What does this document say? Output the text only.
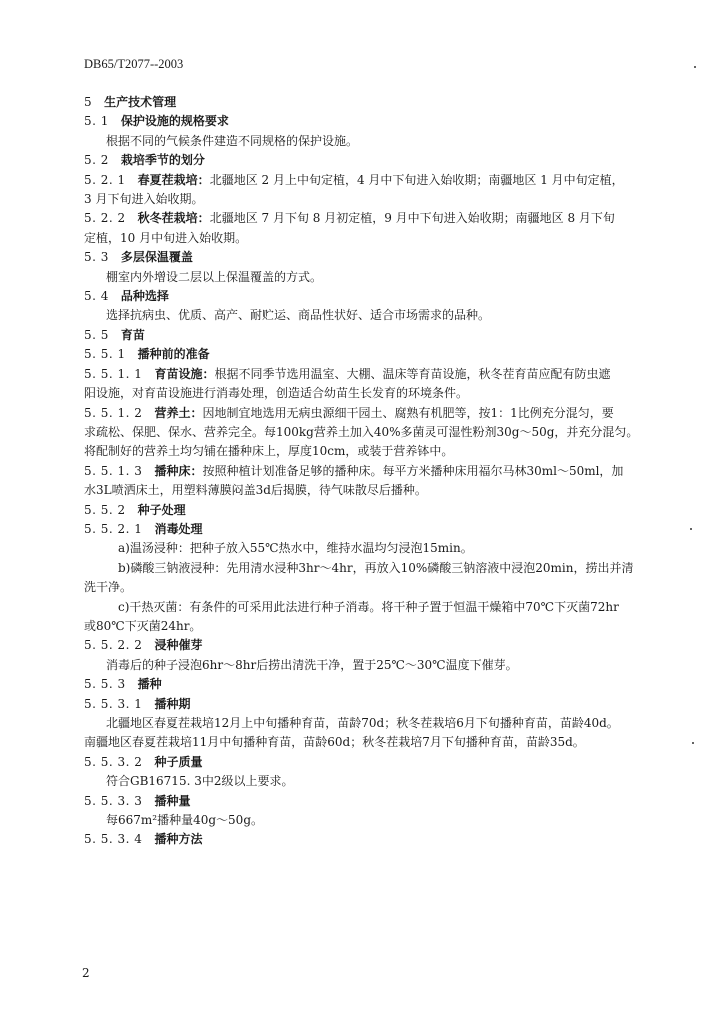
DB65/T2077--2003
5 生产技术管理
5. 1 保护设施的规格要求
根据不同的气候条件建造不同规格的保护设施。
5. 2 栽培季节的划分
5. 2. 1 春夏茬栽培：北疆地区 2 月上中旬定植，4 月中下旬进入始收期；南疆地区 1 月中旬定植，
3 月下旬进入始收期。
5. 2. 2 秋冬茬栽培：北疆地区 7 月下旬 8 月初定植，9 月中下旬进入始收期；南疆地区 8 月下旬
定植，10 月中旬进入始收期。
5. 3 多层保温覆盖
棚室内外增设二层以上保温覆盖的方式。
5. 4 品种选择
选择抗病虫、优质、高产、耐贮运、商品性状好、适合市场需求的品种。
5. 5 育苗
5. 5. 1 播种前的准备
5. 5. 1. 1 育苗设施：根据不同季节选用温室、大棚、温床等育苗设施，秋冬茬育苗应配有防虫遮
阳设施，对育苗设施进行消毒处理，创造适合幼苗生长发育的环境条件。
5. 5. 1. 2 营养土：因地制宜地选用无病虫源细干园土、腐熟有机肥等，按1：1比例充分混匀，要
求疏松、保肥、保水、营养完全。每100kg营养土加入40%多菌灵可湿性粉剂30g～50g，并充分混匀。
将配制好的营养土均匀铺在播种床上，厚度10cm，或装于营养钵中。
5. 5. 1. 3 播种床：按照种植计划准备足够的播种床。每平方米播种床用福尔马林30ml～50ml，加
水3L喷洒床土，用塑料薄膜闷盖3d后揭膜，待气味散尽后播种。
5. 5. 2 种子处理
5. 5. 2. 1 消毒处理
a)温汤浸种：把种子放入55℃热水中，维持水温均匀浸泡15min。
b)磷酸三钠液浸种：先用清水浸种3hr～4hr，再放入10%磷酸三钠溶液中浸泡20min，捞出并清
洗干净。
c)干热灭菌：有条件的可采用此法进行种子消毒。将干种子置于恒温干燥箱中70℃下灭菌72hr
或80℃下灭菌24hr。
5. 5. 2. 2 浸种催芽
消毒后的种子浸泡6hr～8hr后捞出清洗干净，置于25℃～30℃温度下催芽。
5. 5. 3 播种
5. 5. 3. 1 播种期
北疆地区春夏茬栽培12月上中旬播种育苗，苗龄70d；秋冬茬栽培6月下旬播种育苗，苗龄40d。
南疆地区春夏茬栽培11月中旬播种育苗，苗龄60d；秋冬茬栽培7月下旬播种育苗，苗龄35d。
5. 5. 3. 2 种子质量
符合GB16715. 3中2级以上要求。
5. 5. 3. 3 播种量
每667m²播种量40g～50g。
5. 5. 3. 4 播种方法
2
